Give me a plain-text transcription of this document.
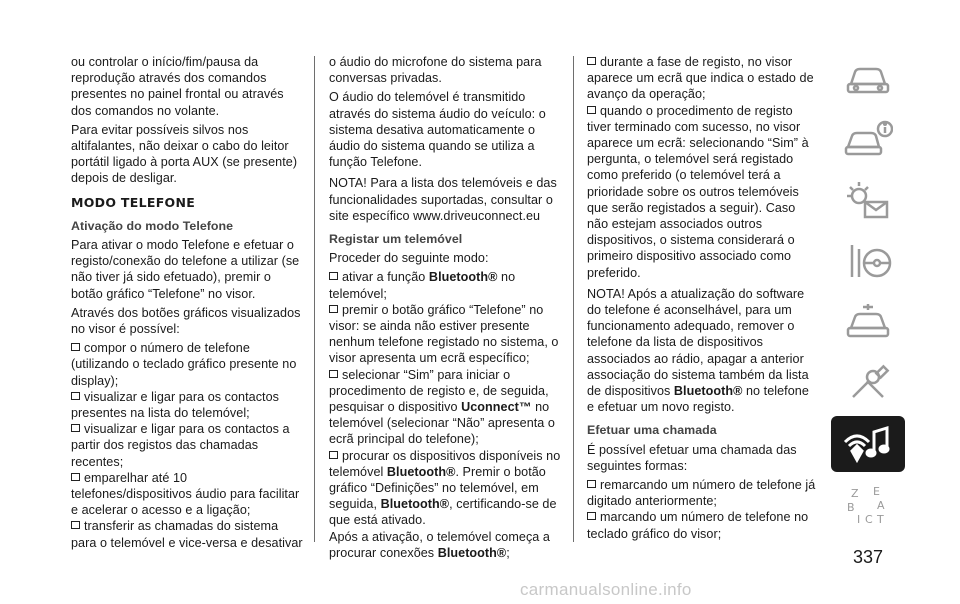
ou controlar o início/fim/pausa da reprodução através dos comandos presentes no painel frontal ou através dos comandos no volante.

Para evitar possíveis silvos nos altifalantes, não deixar o cabo do leitor portátil ligado à porta AUX (se presente) depois de desligar.

MODO TELEFONE
Ativação do modo Telefone

Para ativar o modo Telefone e efetuar o registo/conexão do telefone a utilizar (se não tiver já sido efetuado), premir o botão gráfico “Telefone” no visor.

Através dos botões gráficos visualizados no visor é possível:

compor o número de telefone (utilizando o teclado gráfico presente no display);
visualizar e ligar para os contactos presentes na lista do telemóvel;
visualizar e ligar para os contactos a partir dos registos das chamadas recentes;
emparelhar até 10 telefones/dispositivos áudio para facilitar e acelerar o acesso e a ligação;
transferir as chamadas do sistema para o telemóvel e vice-versa e desativar

o áudio do microfone do sistema para conversas privadas.

O áudio do telemóvel é transmitido através do sistema áudio do veículo: o sistema desativa automaticamente o áudio do sistema quando se utiliza a função Telefone.

NOTA! Para a lista dos telemóveis e das funcionalidades suportadas, consultar o site específico www.driveuconnect.eu

Registar um telemóvel

Proceder do seguinte modo:

ativar a função Bluetooth® no telemóvel;
premir o botão gráfico “Telefone” no visor: se ainda não estiver presente nenhum telefone registado no sistema, o visor apresenta um ecrã específico;
selecionar “Sim” para iniciar o procedimento de registo e, de seguida, pesquisar o dispositivo Uconnect™ no telemóvel (selecionar “Não” apresenta o ecrã principal do telefone);
procurar os dispositivos disponíveis no telemóvel Bluetooth®. Premir o botão gráfico “Definições” no telemóvel, em seguida, Bluetooth®, certificando-se de que está ativado.

Após a ativação, o telemóvel começa a procurar conexões Bluetooth®;

durante a fase de registo, no visor aparece um ecrã que indica o estado de avanço da operação;
quando o procedimento de registo tiver terminado com sucesso, no visor aparece um ecrã: selecionando “Sim” à pergunta, o telemóvel será registado como preferido (o telemóvel terá a prioridade sobre os outros telemóveis que serão registados a seguir). Caso não estejam associados outros dispositivos, o sistema considerará o primeiro dispositivo associado como preferido.

NOTA! Após a atualização do software do telefone é aconselhável, para um funcionamento adequado, remover o telefone da lista de dispositivos associados ao rádio, apagar a anterior associação do sistema também da lista de dispositivos Bluetooth® no telefone e efetuar um novo registo.

Efetuar uma chamada

É possível efetuar uma chamada das seguintes formas:

remarcando um número de telefone já digitado anteriormente;
marcando um número de telefone no teclado gráfico do visor;
Z E
B A
I C T
337
carmanualsonline.info
